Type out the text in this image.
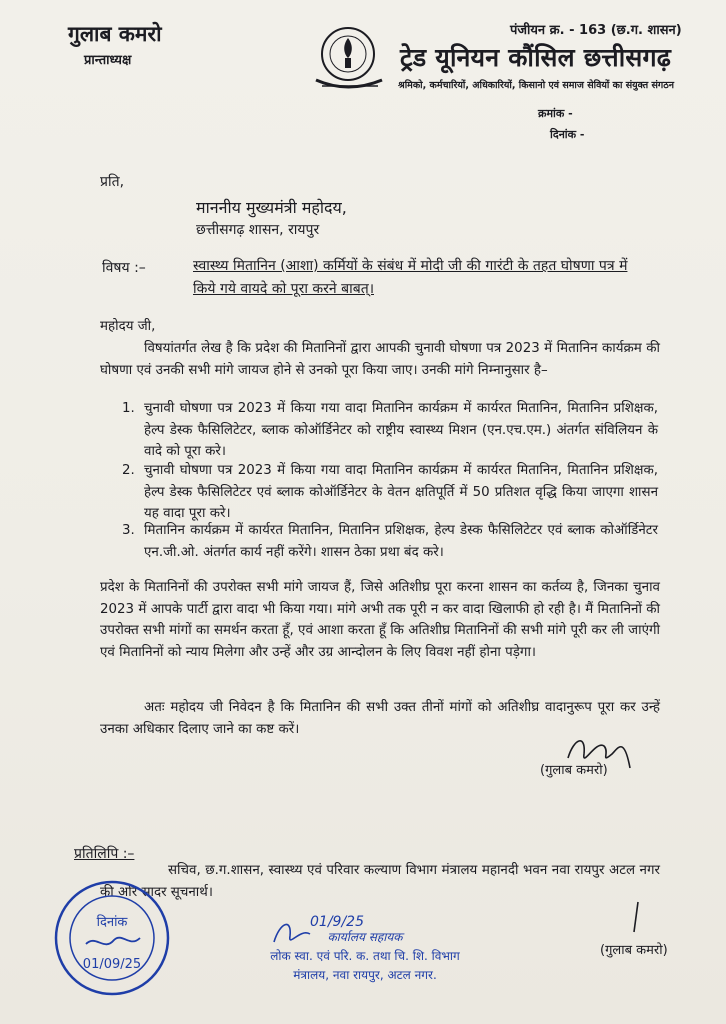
गुलाब कमरो
प्रान्ताध्यक्ष
पंजीयन क्र. - 163 (छ.ग. शासन)
ट्रेड यूनियन कौंसिल छत्तीसगढ़
श्रमिको, कर्मचारियों, अधिकारियों, किसानो एवं समाज सेवियों का संयुक्त संगठन
क्रमांक -
दिनांक -
प्रति,
माननीय मुख्यमंत्री महोदय,
छत्तीसगढ़ शासन, रायपुर
विषय :–	स्वास्थ्य मितानिन (आशा) कर्मियों के संबंध में मोदी जी की गारंटी के तहत घोषणा पत्र में किये गये वायदे को पूरा करने बाबत्।
महोदय जी,
विषयांतर्गत लेख है कि प्रदेश की मितानिनों द्वारा आपकी चुनावी घोषणा पत्र 2023 में मितानिन कार्यक्रम की घोषणा एवं उनकी सभी मांगे जायज होने से उनको पूरा किया जाए। उनकी मांगे निम्नानुसार है–
1. चुनावी घोषणा पत्र 2023 में किया गया वादा मितानिन कार्यक्रम में कार्यरत मितानिन, मितानिन प्रशिक्षक, हेल्प डेस्क फैसिलिटेटर, ब्लाक कोऑर्डिनेटर को राष्ट्रीय स्वास्थ्य मिशन (एन.एच.एम.) अंतर्गत संविलियन के वादे को पूरा करे।
2. चुनावी घोषणा पत्र 2023 में किया गया वादा मितानिन कार्यक्रम में कार्यरत मितानिन, मितानिन प्रशिक्षक, हेल्प डेस्क फैसिलिटेटर एवं ब्लाक कोऑर्डिनेटर के वेतन क्षतिपूर्ति में 50 प्रतिशत वृद्धि किया जाएगा शासन यह वादा पूरा करे।
3. मितानिन कार्यक्रम में कार्यरत मितानिन, मितानिन प्रशिक्षक, हेल्प डेस्क फैसिलिटेटर एवं ब्लाक कोऑर्डिनेटर एन.जी.ओ. अंतर्गत कार्य नहीं करेंगे। शासन ठेका प्रथा बंद करे।
प्रदेश के मितानिनों की उपरोक्त सभी मांगे जायज हैं, जिसे अतिशीघ्र पूरा करना शासन का कर्तव्य है, जिनका चुनाव 2023 में आपके पार्टी द्वारा वादा भी किया गया। मांगे अभी तक पूरी न कर वादा खिलाफी हो रही है। मैं मितानिनों की उपरोक्त सभी मांगों का समर्थन करता हूँ, एवं आशा करता हूँ कि अतिशीघ्र मितानिनों की सभी मांगे पूरी कर ली जाएंगी एवं मितानिनों को न्याय मिलेगा और उन्हें और उग्र आन्दोलन के लिए विवश नहीं होना पड़ेगा।
अतः महोदय जी निवेदन है कि मितानिन की सभी उक्त तीनों मांगों को अतिशीघ्र वादानुरूप पूरा कर उन्हें उनका अधिकार दिलाए जाने का कष्ट करें।
(गुलाब कमरो)
प्रतिलिपि :–
सचिव, छ.ग.शासन, स्वास्थ्य एवं परिवार कल्याण विभाग मंत्रालय महानदी भवन नवा रायपुर अटल नगर की ओर सादर सूचनार्थ।
दिनांक
01/09/25
01/9/25
कार्यालय सहायक
लोक स्वा. एवं परि. क. तथा चि. शि. विभाग
मंत्रालय, नवा रायपुर, अटल नगर.
(गुलाब कमरो)
